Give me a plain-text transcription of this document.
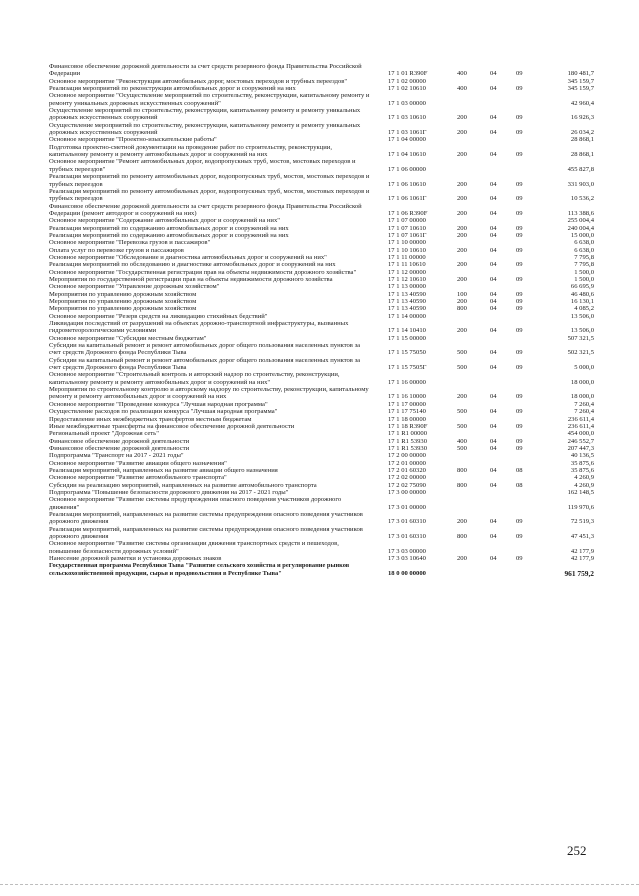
Финансовое обеспечение дорожной деятельности за счет средств резервного фонда Правительства Российской Федерации	17 1 01 R390F	400	04	09	180 481,7
Основное мероприятие "Реконструкция автомобильных дорог, мостовых переходов и трубных переездов"	17 1 02 00000	345 159,7
Реализация мероприятий по реконструкции автомобильных дорог и сооружений на них	17 1 02 10610	400	04	09	345 159,7
Основное мероприятие "Осуществление мероприятий по строительству, реконструкции, капитальному ремонту и ремонту уникальных дорожных искусственных сооружений"	17 1 03 00000	42 960,4
Осуществление мероприятий по строительству, реконструкции, капитальному ремонту и ремонту уникальных дорожных искусственных сооружений	17 1 03 10610	200	04	09	16 926,3
Осуществление мероприятий по строительству, реконструкции, капитальному ремонту и ремонту уникальных дорожных искусственных сооружений	17 1 03 1061Г	200	04	09	26 034,2
Основное мероприятие "Проектно-изыскательские работы"	17 1 04 00000	28 868,1
Подготовка проектно-сметной документации на проведение работ по строительству, реконструкции, капитальному ремонту и ремонту автомобильных дорог и сооружений на них	17 1 04 10610	200	04	09	28 868,1
Основное мероприятие "Ремонт автомобильных дорог, водопропускных труб, мостов, мостовых переходов и трубных переездов"	17 1 06 00000	455 827,8
Реализация мероприятий по ремонту автомобильных дорог, водопропускных труб, мостов, мостовых переходов и трубных переездов	17 1 06 10610	200	04	09	331 903,0
Реализация мероприятий по ремонту автомобильных дорог, водопропускных труб, мостов, мостовых переходов и трубных переездов	17 1 06 1061Г	200	04	09	10 536,2
Финансовое обеспечение дорожной деятельности за счет средств резервного фонда Правительства Российской Федерации (ремонт автодорог и сооружений на них)	17 1 06 R390F	200	04	09	113 388,6
Основное мероприятие "Содержание автомобильных дорог и сооружений на них"	17 1 07 00000	255 004,4
Реализация мероприятий по содержанию автомобильных дорог и сооружений на них	17 1 07 10610	200	04	09	240 004,4
Реализация мероприятий по содержанию автомобильных дорог и сооружений на них	17 1 07 1061Г	200	04	09	15 000,0
Основное мероприятие "Перевозка грузов и пассажиров"	17 1 10 00000	6 638,0
Оплата услуг по перевозке грузов и пассажиров	17 1 10 10610	200	04	09	6 638,0
Основное мероприятие "Обследование и диагностика автомобильных дорог и сооружений на них"	17 1 11 00000	7 795,8
Реализация мероприятий по обследованию и диагностике автомобильных дорог и сооружений на них	17 1 11 10610	200	04	09	7 795,8
Основное мероприятие "Государственная регистрация прав на объекты недвижимости дорожного хозяйства"	17 1 12 00000	1 500,0
Мероприятия по государственной регистрации прав на объекты недвижимости дорожного хозяйства	17 1 12 10610	200	04	09	1 500,0
Основное мероприятие "Управление дорожным хозяйством"	17 1 13 00000	66 695,9
Мероприятия по управлению дорожным хозяйством	17 1 13 40590	100	04	09	46 480,6
Мероприятия по управлению дорожным хозяйством	17 1 13 40590	200	04	09	16 130,1
Мероприятия по управлению дорожным хозяйством	17 1 13 40590	800	04	09	4 085,2
Основное мероприятие "Резерв средств на ликвидацию стихийных бедствий"	17 1 14 00000	13 506,0
Ликвидация последствий от разрушений на объектах дорожно-транспортной инфраструктуры, вызванных гидрометеорологическими условиями	17 1 14 10410	200	04	09	13 506,0
Основное мероприятие "Субсидии местным бюджетам"	17 1 15 00000	507 321,5
Субсидии на капитальный ремонт и ремонт автомобильных дорог общего пользования населенных пунктов за счет средств Дорожного фонда Республики Тыва	17 1 15 75050	500	04	09	502 321,5
Субсидии на капитальный ремонт и ремонт автомобильных дорог общего пользования населенных пунктов за счет средств Дорожного фонда Республики Тыва	17 1 15 7505Г	500	04	09	5 000,0
Основное мероприятие "Строительный контроль и авторский надзор по строительству, реконструкции, капитальному ремонту и ремонту автомобильных дорог и сооружений на них"	17 1 16 00000	18 000,0
Мероприятия по строительному контролю и авторскому надзору по строительству, реконструкции, капитальному ремонту и ремонту автомобильных дорог и сооружений на них	17 1 16 10000	200	04	09	18 000,0
Основное мероприятие "Проведение конкурса "Лучшая народная программа"	17 1 17 00000	7 260,4
Осуществление расходов по реализации конкурса "Лучшая народная программа"	17 1 17 75140	500	04	09	7 260,4
Предоставление иных межбюджетных трансфертов местным бюджетам	17 1 18 00000	236 611,4
Иные межбюджетные трансферты на финансовое обеспечение дорожной деятельности	17 1 18 R390F	500	04	09	236 611,4
Региональный проект "Дорожная сеть"	17 1 R1 00000	454 000,0
Финансовое обеспечение дорожной деятельности	17 1 R1 53930	400	04	09	246 552,7
Финансовое обеспечение дорожной деятельности	17 1 R1 53930	500	04	09	207 447,3
Подпрограмма "Транспорт на 2017 - 2021 годы"	17 2 00 00000	40 136,5
Основное мероприятие "Развитие авиации общего назначения"	17 2 01 00000	35 875,6
Реализация мероприятий, направленных на развитие авиации общего назначения	17 2 01 60320	800	04	08	35 875,6
Основное мероприятие "Развитие автомобильного транспорта"	17 2 02 00000	4 260,9
Субсидии на реализацию мероприятий, направленных на развитие автомобильного транспорта	17 2 02 75090	800	04	08	4 260,9
Подпрограмма "Повышение безопасности дорожного движения на 2017 - 2021 годы"	17 3 00 00000	162 148,5
Основное мероприятие "Развитие системы предупреждения опасного поведения участников дорожного движения"	17 3 01 00000	119 970,6
Реализация мероприятий, направленных на развитие системы предупреждения опасного поведения участников дорожного движения	17 3 01 60310	200	04	09	72 519,3
Реализация мероприятий, направленных на развитие системы предупреждения опасного поведения участников дорожного движения	17 3 01 60310	800	04	09	47 451,3
Основное мероприятие "Развитие системы организации движения транспортных средств и пешеходов, повышение безопасности дорожных условий"	17 3 03 00000	42 177,9
Нанесение дорожной разметки и установка дорожных знаков	17 3 03 10640	200	04	09	42 177,9
Государственная программа Республики Тыва "Развитие сельского хозяйства и регулирование рынков сельскохозяйственной продукции, сырья и продовольствия в Республике Тыва"	18 0 00 00000	961 759,2
252
